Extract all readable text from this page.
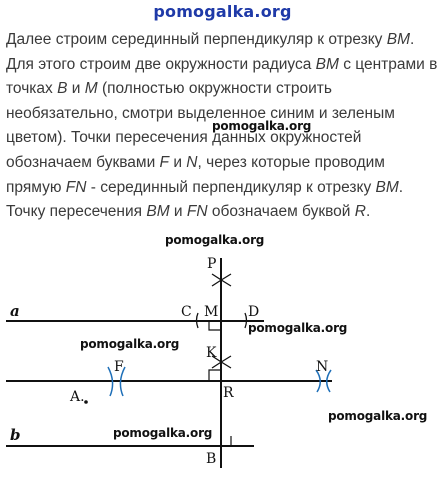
pomogalka.org

Далее строим серединный перпендикуляр к отрезку BM. Для этого строим две окружности радиуса BM с центрами в точках B и M (полностью окружности строить необязательно, смотри выделенное синим и зеленым цветом). Точки пересечения данных окружностей обозначаем буквами F и N, через которые проводим прямую FN - серединный перпендикуляр к отрезку BM. Точку пересечения BM и FN обозначаем буквой R.

pomogalka.org
a
b
P
C M D
K
F	N
A.	R
B
pomogalka.org
pomogalka.org
pomogalka.org
pomogalka.org
pomogalka.org
